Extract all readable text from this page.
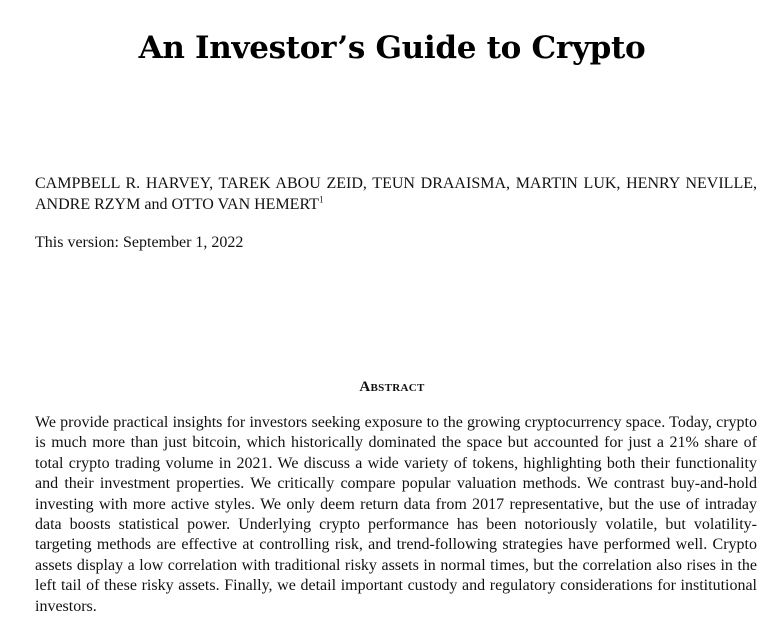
An Investor’s Guide to Crypto

CAMPBELL R. HARVEY, TAREK ABOU ZEID, TEUN DRAAISMA, MARTIN LUK, HENRY NEVILLE, ANDRE RZYM and OTTO VAN HEMERT$^1$

This version: September 1, 2022

Abstract

We provide practical insights for investors seeking exposure to the growing cryptocurrency space. Today, crypto is much more than just bitcoin, which historically dominated the space but accounted for just a 21% share of total crypto trading volume in 2021. We discuss a wide variety of tokens, highlighting both their functionality and their investment properties. We critically compare popular valuation methods. We contrast buy-and-hold investing with more active styles. We only deem return data from 2017 representative, but the use of intraday data boosts statistical power. Underlying crypto performance has been notoriously volatile, but volatility-targeting methods are effective at controlling risk, and trend-following strategies have performed well. Crypto assets display a low correlation with traditional risky assets in normal times, but the correlation also rises in the left tail of these risky assets. Finally, we detail important custody and regulatory considerations for institutional investors.
